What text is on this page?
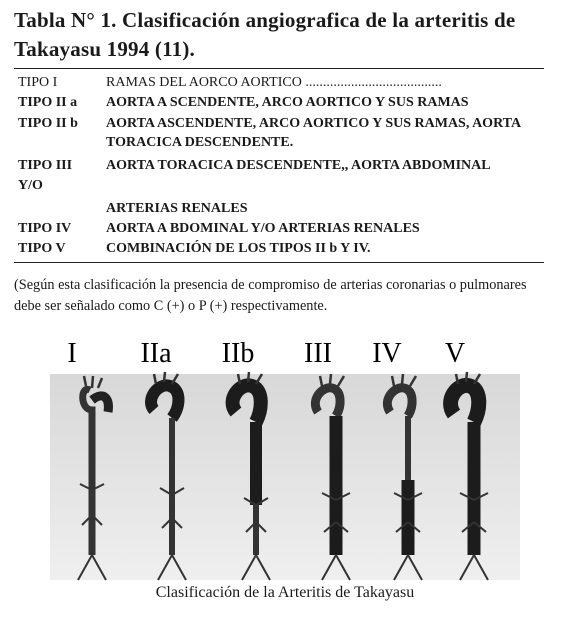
Tabla N° 1. Clasificación angiografica de la arteritis de Takayasu 1994 (11).
TIPO I	RAMAS DEL AORCO AORTICO .......................................
TIPO II a	AORTA A SCENDENTE, ARCO AORTICO Y SUS RAMAS
TIPO II b	AORTA ASCENDENTE, ARCO AORTICO Y SUS RAMAS, AORTA TORACICA DESCENDENTE.
TIPO III	AORTA TORACICA DESCENDENTE,, AORTA ABDOMINAL
Y/O
ARTERIAS RENALES
TIPO IV	AORTA A BDOMINAL Y/O ARTERIAS RENALES
TIPO V	COMBINACIÓN DE LOS TIPOS II b Y IV.
(Según esta clasificación la presencia de compromiso de arterias coronarias o pulmonares debe ser señalado como C (+) o P (+) respectivamente.
I IIa IIb III IV V
Clasificación de la Arteritis de Takayasu
